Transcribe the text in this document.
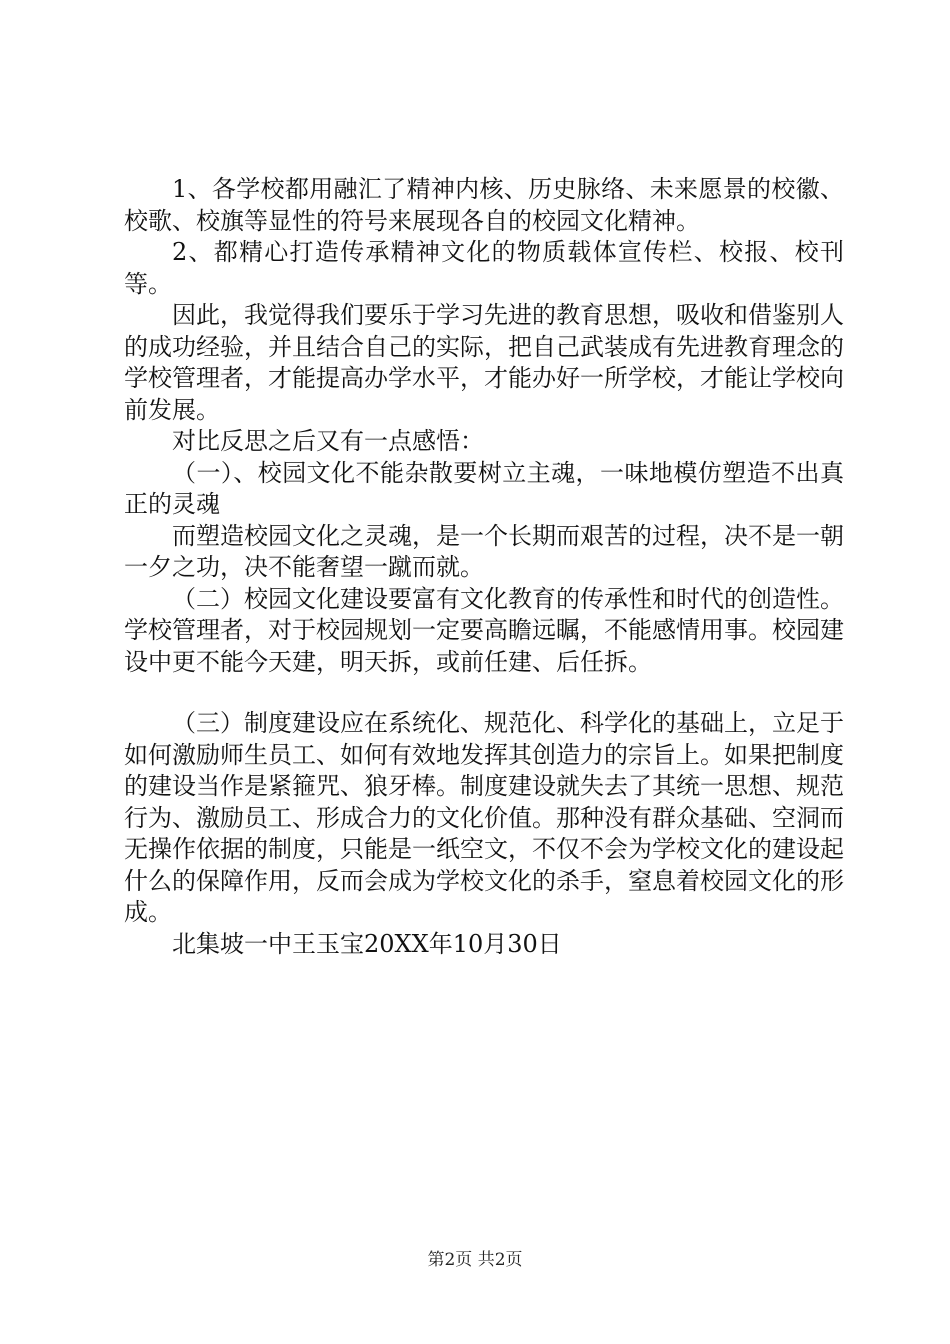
1、各学校都用融汇了精神内核、历史脉络、未来愿景的校徽、校歌、校旗等显性的符号来展现各自的校园文化精神。

2、都精心打造传承精神文化的物质载体宣传栏、校报、校刊等。

因此，我觉得我们要乐于学习先进的教育思想，吸收和借鉴别人的成功经验，并且结合自己的实际，把自己武装成有先进教育理念的学校管理者，才能提高办学水平，才能办好一所学校，才能让学校向前发展。

对比反思之后又有一点感悟：

（一）、校园文化不能杂散要树立主魂，一味地模仿塑造不出真正的灵魂

而塑造校园文化之灵魂，是一个长期而艰苦的过程，决不是一朝一夕之功，决不能奢望一蹴而就。

（二）校园文化建设要富有文化教育的传承性和时代的创造性。学校管理者，对于校园规划一定要高瞻远瞩，不能感情用事。校园建设中更不能今天建，明天拆，或前任建、后任拆。

（三）制度建设应在系统化、规范化、科学化的基础上，立足于如何激励师生员工、如何有效地发挥其创造力的宗旨上。如果把制度的建设当作是紧箍咒、狼牙棒。制度建设就失去了其统一思想、规范行为、激励员工、形成合力的文化价值。那种没有群众基础、空洞而无操作依据的制度，只能是一纸空文，不仅不会为学校文化的建设起什么的保障作用，反而会成为学校文化的杀手，窒息着校园文化的形成。

北集坡一中王玉宝20XX年10月30日

第2页 共2页
